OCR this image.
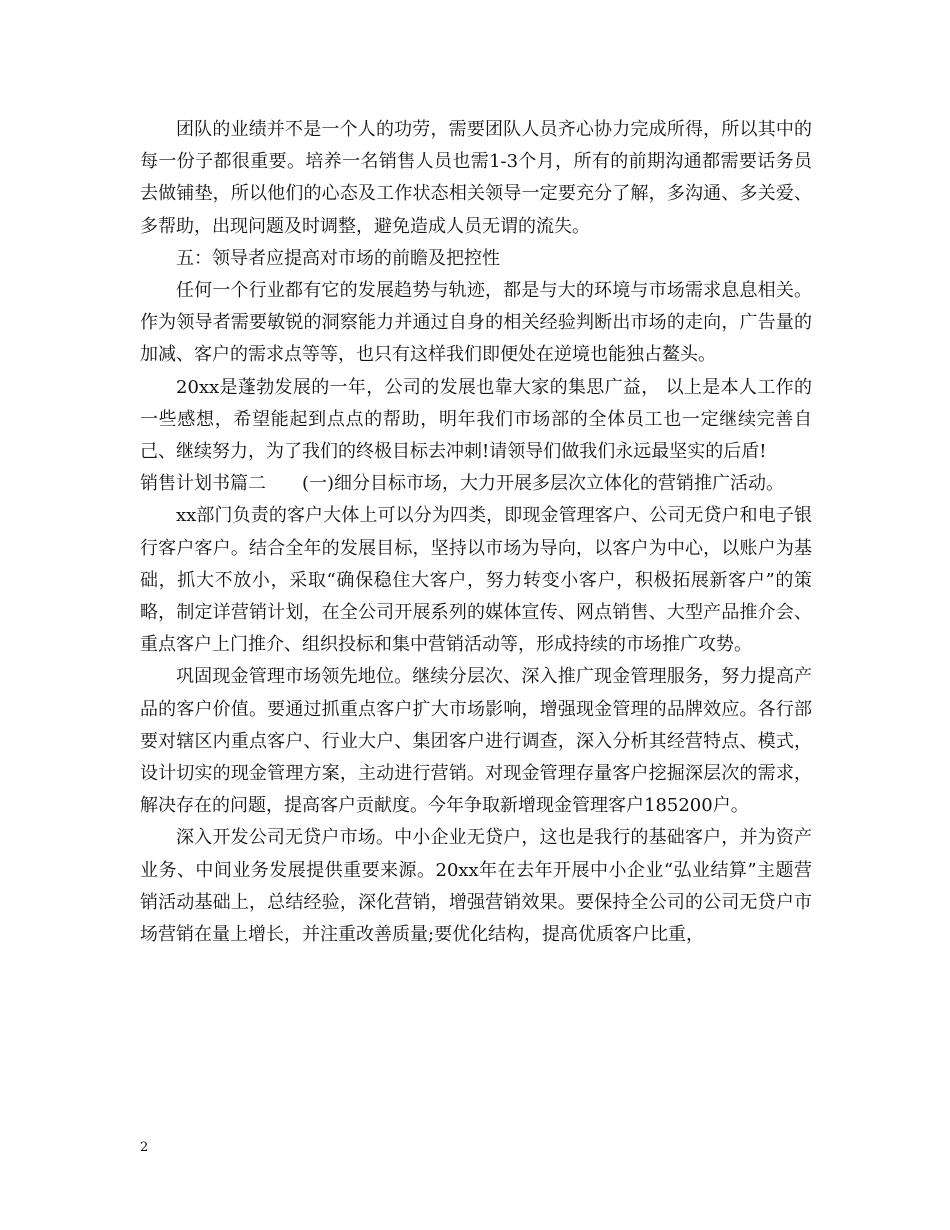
团队的业绩并不是一个人的功劳，需要团队人员齐心协力完成所得，所以其中的每一份子都很重要。培养一名销售人员也需1-3个月，所有的前期沟通都需要话务员去做铺垫，所以他们的心态及工作状态相关领导一定要充分了解，多沟通、多关爱、多帮助，出现问题及时调整，避免造成人员无谓的流失。

五：领导者应提高对市场的前瞻及把控性

任何一个行业都有它的发展趋势与轨迹，都是与大的环境与市场需求息息相关。作为领导者需要敏锐的洞察能力并通过自身的相关经验判断出市场的走向，广告量的加减、客户的需求点等等，也只有这样我们即便处在逆境也能独占鳌头。

20xx是蓬勃发展的一年，公司的发展也靠大家的集思广益， 以上是本人工作的一些感想，希望能起到点点的帮助，明年我们市场部的全体员工也一定继续完善自己、继续努力，为了我们的终极目标去冲刺!请领导们做我们永远最坚实的后盾!

销售计划书篇二　　(一)细分目标市场，大力开展多层次立体化的营销推广活动。

xx部门负责的客户大体上可以分为四类，即现金管理客户、公司无贷户和电子银行客户客户。结合全年的发展目标，坚持以市场为导向，以客户为中心，以账户为基础，抓大不放小，采取“确保稳住大客户，努力转变小客户，积极拓展新客户”的策略，制定详营销计划，在全公司开展系列的媒体宣传、网点销售、大型产品推介会、重点客户上门推介、组织投标和集中营销活动等，形成持续的市场推广攻势。

巩固现金管理市场领先地位。继续分层次、深入推广现金管理服务，努力提高产品的客户价值。要通过抓重点客户扩大市场影响，增强现金管理的品牌效应。各行部要对辖区内重点客户、行业大户、集团客户进行调查，深入分析其经营特点、模式，设计切实的现金管理方案，主动进行营销。对现金管理存量客户挖掘深层次的需求，解决存在的问题，提高客户贡献度。今年争取新增现金管理客户185200户。

深入开发公司无贷户市场。中小企业无贷户，这也是我行的基础客户，并为资产业务、中间业务发展提供重要来源。20xx年在去年开展中小企业“弘业结算”主题营销活动基础上，总结经验，深化营销，增强营销效果。要保持全公司的公司无贷户市场营销在量上增长，并注重改善质量;要优化结构，提高优质客户比重，

2
